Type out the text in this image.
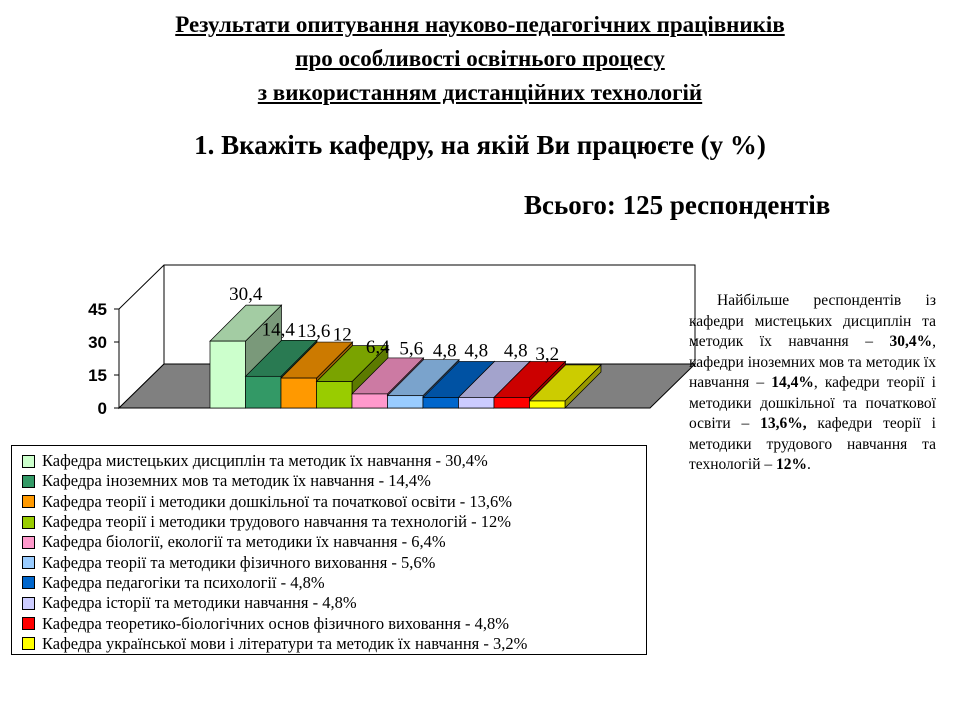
Результати опитування науково-педагогічних працівників
про особливості освітнього процесу
з використанням дистанційних технологій
1. Вкажіть кафедру, на якій Ви працюєте (у %)
Всього: 125 респондентів
0
15
30
45
30,4
14,4 13,6 12
6,4 5,6 4,8 4,8 4,8 3,2
Кафедра мистецьких дисциплін та методик їх навчання - 30,4%
Кафедра іноземних мов та методик їх навчання - 14,4%
Кафедра теорії і методики дошкільної та початкової освіти - 13,6%
Кафедра теорії і методики трудового навчання та технологій - 12%
Кафедра біології, екології та методики їх навчання - 6,4%
Кафедра теорії та методики фізичного виховання - 5,6%
Кафедра педагогіки та психології - 4,8%
Кафедра історії та методики навчання - 4,8%
Кафедра теоретико-біологічних основ фізичного виховання - 4,8%
Кафедра української мови і літератури та методик їх навчання - 3,2%
Найбільше респондентів із кафедри мистецьких дисциплін та методик їх навчання – 30,4%, кафедри іноземних мов та методик їх навчання – 14,4%, кафедри теорії і методики дошкільної та початкової освіти – 13,6%, кафедри теорії і методики трудового навчання та технологій – 12%.
